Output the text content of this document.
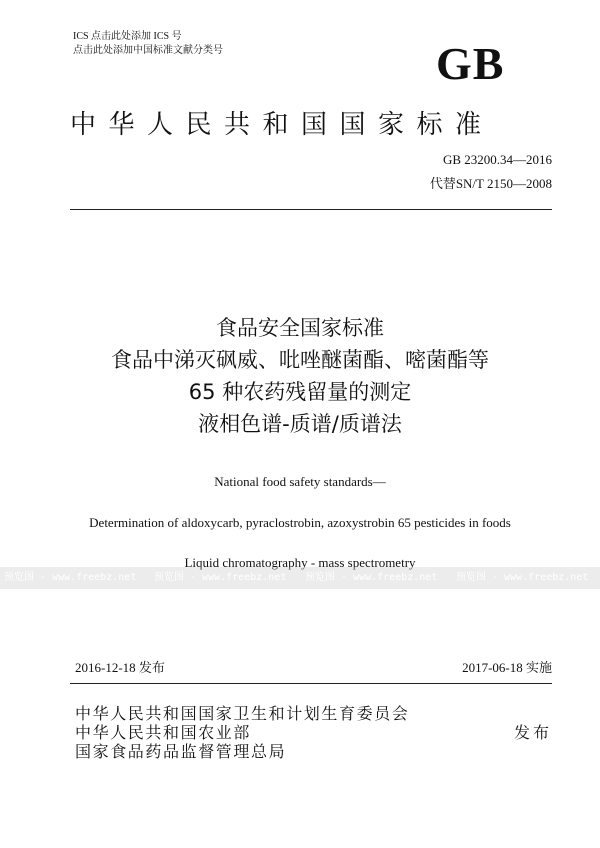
ICS 点击此处添加 ICS 号
点击此处添加中国标准文献分类号	GB
中华人民共和国国家标准
GB 23200.34—2016
代替SN/T 2150—2008
食品安全国家标准
食品中涕灭砜威、吡唑醚菌酯、嘧菌酯等
65 种农药残留量的测定
液相色谱-质谱/质谱法
National food safety standards—
Determination of aldoxycarb, pyraclostrobin, azoxystrobin 65 pesticides in foods
Liquid chromatography - mass spectrometry
预览图 - www.freebz.net 预览图 - www.freebz.net 预览图 - www.freebz.net 预览图 - www.freebz.net
2016-12-18 发布	2017-06-18 实施
中华人民共和国国家卫生和计划生育委员会
中华人民共和国农业部
国家食品药品监督管理总局
发布
